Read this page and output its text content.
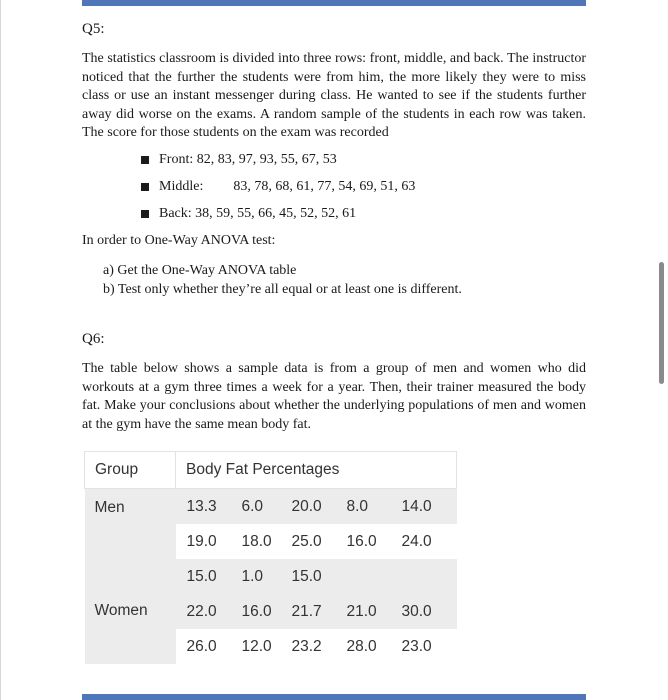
Q5:

The statistics classroom is divided into three rows: front, middle, and back. The instructor noticed that the further the students were from him, the more likely they were to miss class or use an instant messenger during class. He wanted to see if the students further away did worse on the exams. A random sample of the students in each row was taken. The score for those students on the exam was recorded

Front:
82, 83, 97, 93, 55, 67, 53
Middle: 83, 78, 68, 61, 77, 54, 69, 51, 63
Back:
38, 59, 55, 66, 45, 52, 52, 61
In order to One-Way ANOVA test:
a) Get the One-Way ANOVA table
b) Test only whether they’re all equal or at least one is different.
Q6:

The table below shows a sample data is from a group of men and women who did workouts at a gym three times a week for a year. Then, their trainer measured the body fat. Make your conclusions about whether the underlying populations of men and women at the gym have the same mean body fat.

Group	Body Fat Percentages				
Men	13.3	6.0	20.0	8.0	14.0
	19.0	18.0	25.0	16.0	24.0
	15.0	1.0	15.0		
Women	22.0	16.0	21.7	21.0	30.0
	26.0	12.0	23.2	28.0	23.0
